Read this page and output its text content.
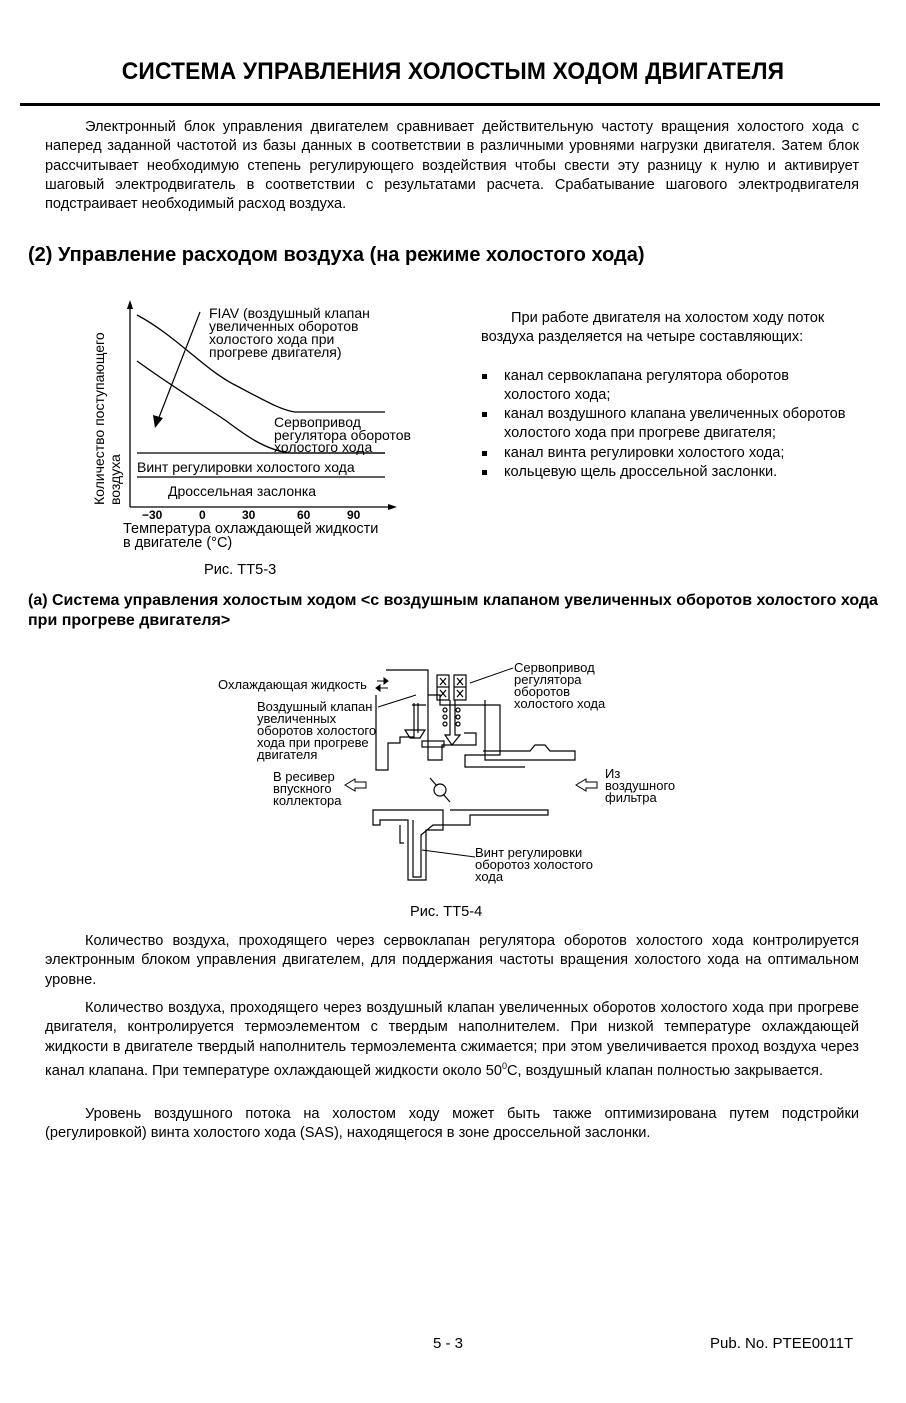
СИСТЕМА УПРАВЛЕНИЯ ХОЛОСТЫМ ХОДОМ ДВИГАТЕЛЯ
Электронный блок управления двигателем сравнивает действительную частоту вращения холостого хода с наперед заданной частотой из базы данных в соответствии в различными уровнями нагрузки двигателя. Затем блок рассчитывает необходимую степень регулирующего воздействия чтобы свести эту разницу к нулю и активирует шаговый электродвигатель в соответствии с результатами расчета. Срабатывание шагового электродвигателя подстраивает необходимый расход воздуха.
(2) Управление расходом воздуха (на режиме холостого хода)
Количество поступающего воздуха
FIAV (воздушный клапан
увеличенных оборотов
холостого хода при
прогреве двигателя)
Сервопривод
регулятора оборотов
холостого хода
Винт регулировки холостого хода
Дроссельная заслонка
−30	0	30	60	90
Температура охлаждающей жидкости
в двигателе (°C)
Рис. ТТ5-3
При работе двигателя на холостом ходу поток воздуха разделяется на четыре составляющих:
канал сервоклапана регулятора оборотов холостого хода;
канал воздушного клапана увеличенных оборотов холостого хода при прогреве двигателя;
канал винта регулировки холостого хода;
кольцевую щель дроссельной заслонки.
(a) Система управления холостым ходом <с воздушным клапаном увеличенных оборотов холостого хода при прогреве двигателя>
Охлаждающая жидкость
Воздушный клапан
увеличенных
оборотов холостого
хода при прогреве
двигателя
Сервопривод
регулятора
оборотов
холостого хода
В ресивер
впускного
коллектора
Из
воздушного
фильтра
Винт регулировки
оборотоз холостого
хода
Рис. ТТ5-4
Количество воздуха, проходящего через сервоклапан регулятора оборотов холостого хода контролируется электронным блоком управления двигателем, для поддержания частоты вращения холостого хода на оптимальном уровне.
Количество воздуха, проходящего через воздушный клапан увеличенных оборотов холостого хода при прогреве двигателя, контролируется термоэлементом с твердым наполнителем. При низкой температуре охлаждающей жидкости в двигателе твердый наполнитель термоэлемента сжимается; при этом увеличивается проход воздуха через канал клапана. При температуре охлаждающей жидкости около $50^0C$, воздушный клапан полностью закрывается.
Уровень воздушного потока на холостом ходу может быть также оптимизирована путем подстройки (регулировкой) винта холостого хода (SAS), находящегося в зоне дроссельной заслонки.
5 - 3	Pub. No. PTEE0011T
